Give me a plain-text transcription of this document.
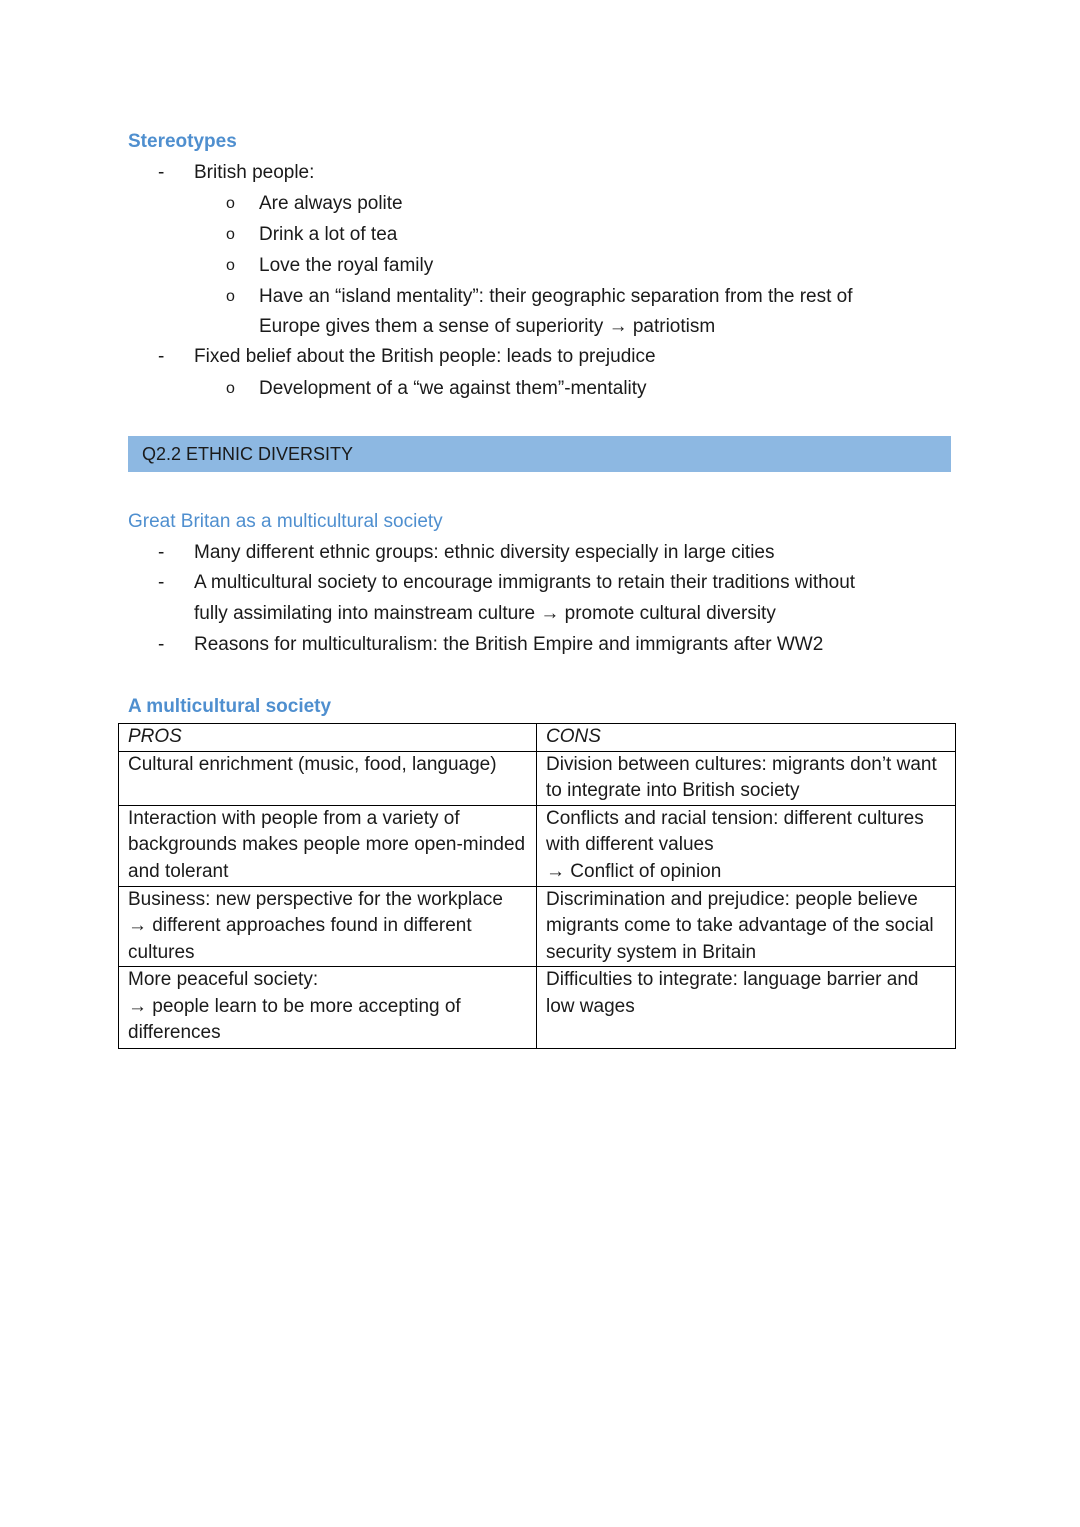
Stereotypes
- British people:
o Are always polite
o Drink a lot of tea
o Love the royal family
o Have an “island mentality”: their geographic separation from the rest of
Europe gives them a sense of superiority → patriotism
- Fixed belief about the British people: leads to prejudice
o Development of a “we against them”-mentality
Q2.2 ETHNIC DIVERSITY
Great Britan as a multicultural society
- Many different ethnic groups: ethnic diversity especially in large cities
- A multicultural society to encourage immigrants to retain their traditions without
fully assimilating into mainstream culture → promote cultural diversity
- Reasons for multiculturalism: the British Empire and immigrants after WW2
A multicultural society
PROS	CONS
Cultural enrichment (music, food, language)	Division between cultures: migrants don’t want to integrate into British society
Interaction with people from a variety of backgrounds makes people more open-minded and tolerant	Conflicts and racial tension: different cultures with different values
→ Conflict of opinion
Business: new perspective for the workplace
→ different approaches found in different cultures	Discrimination and prejudice: people believe migrants come to take advantage of the social security system in Britain
More peaceful society:
→ people learn to be more accepting of differences	Difficulties to integrate: language barrier and low wages
